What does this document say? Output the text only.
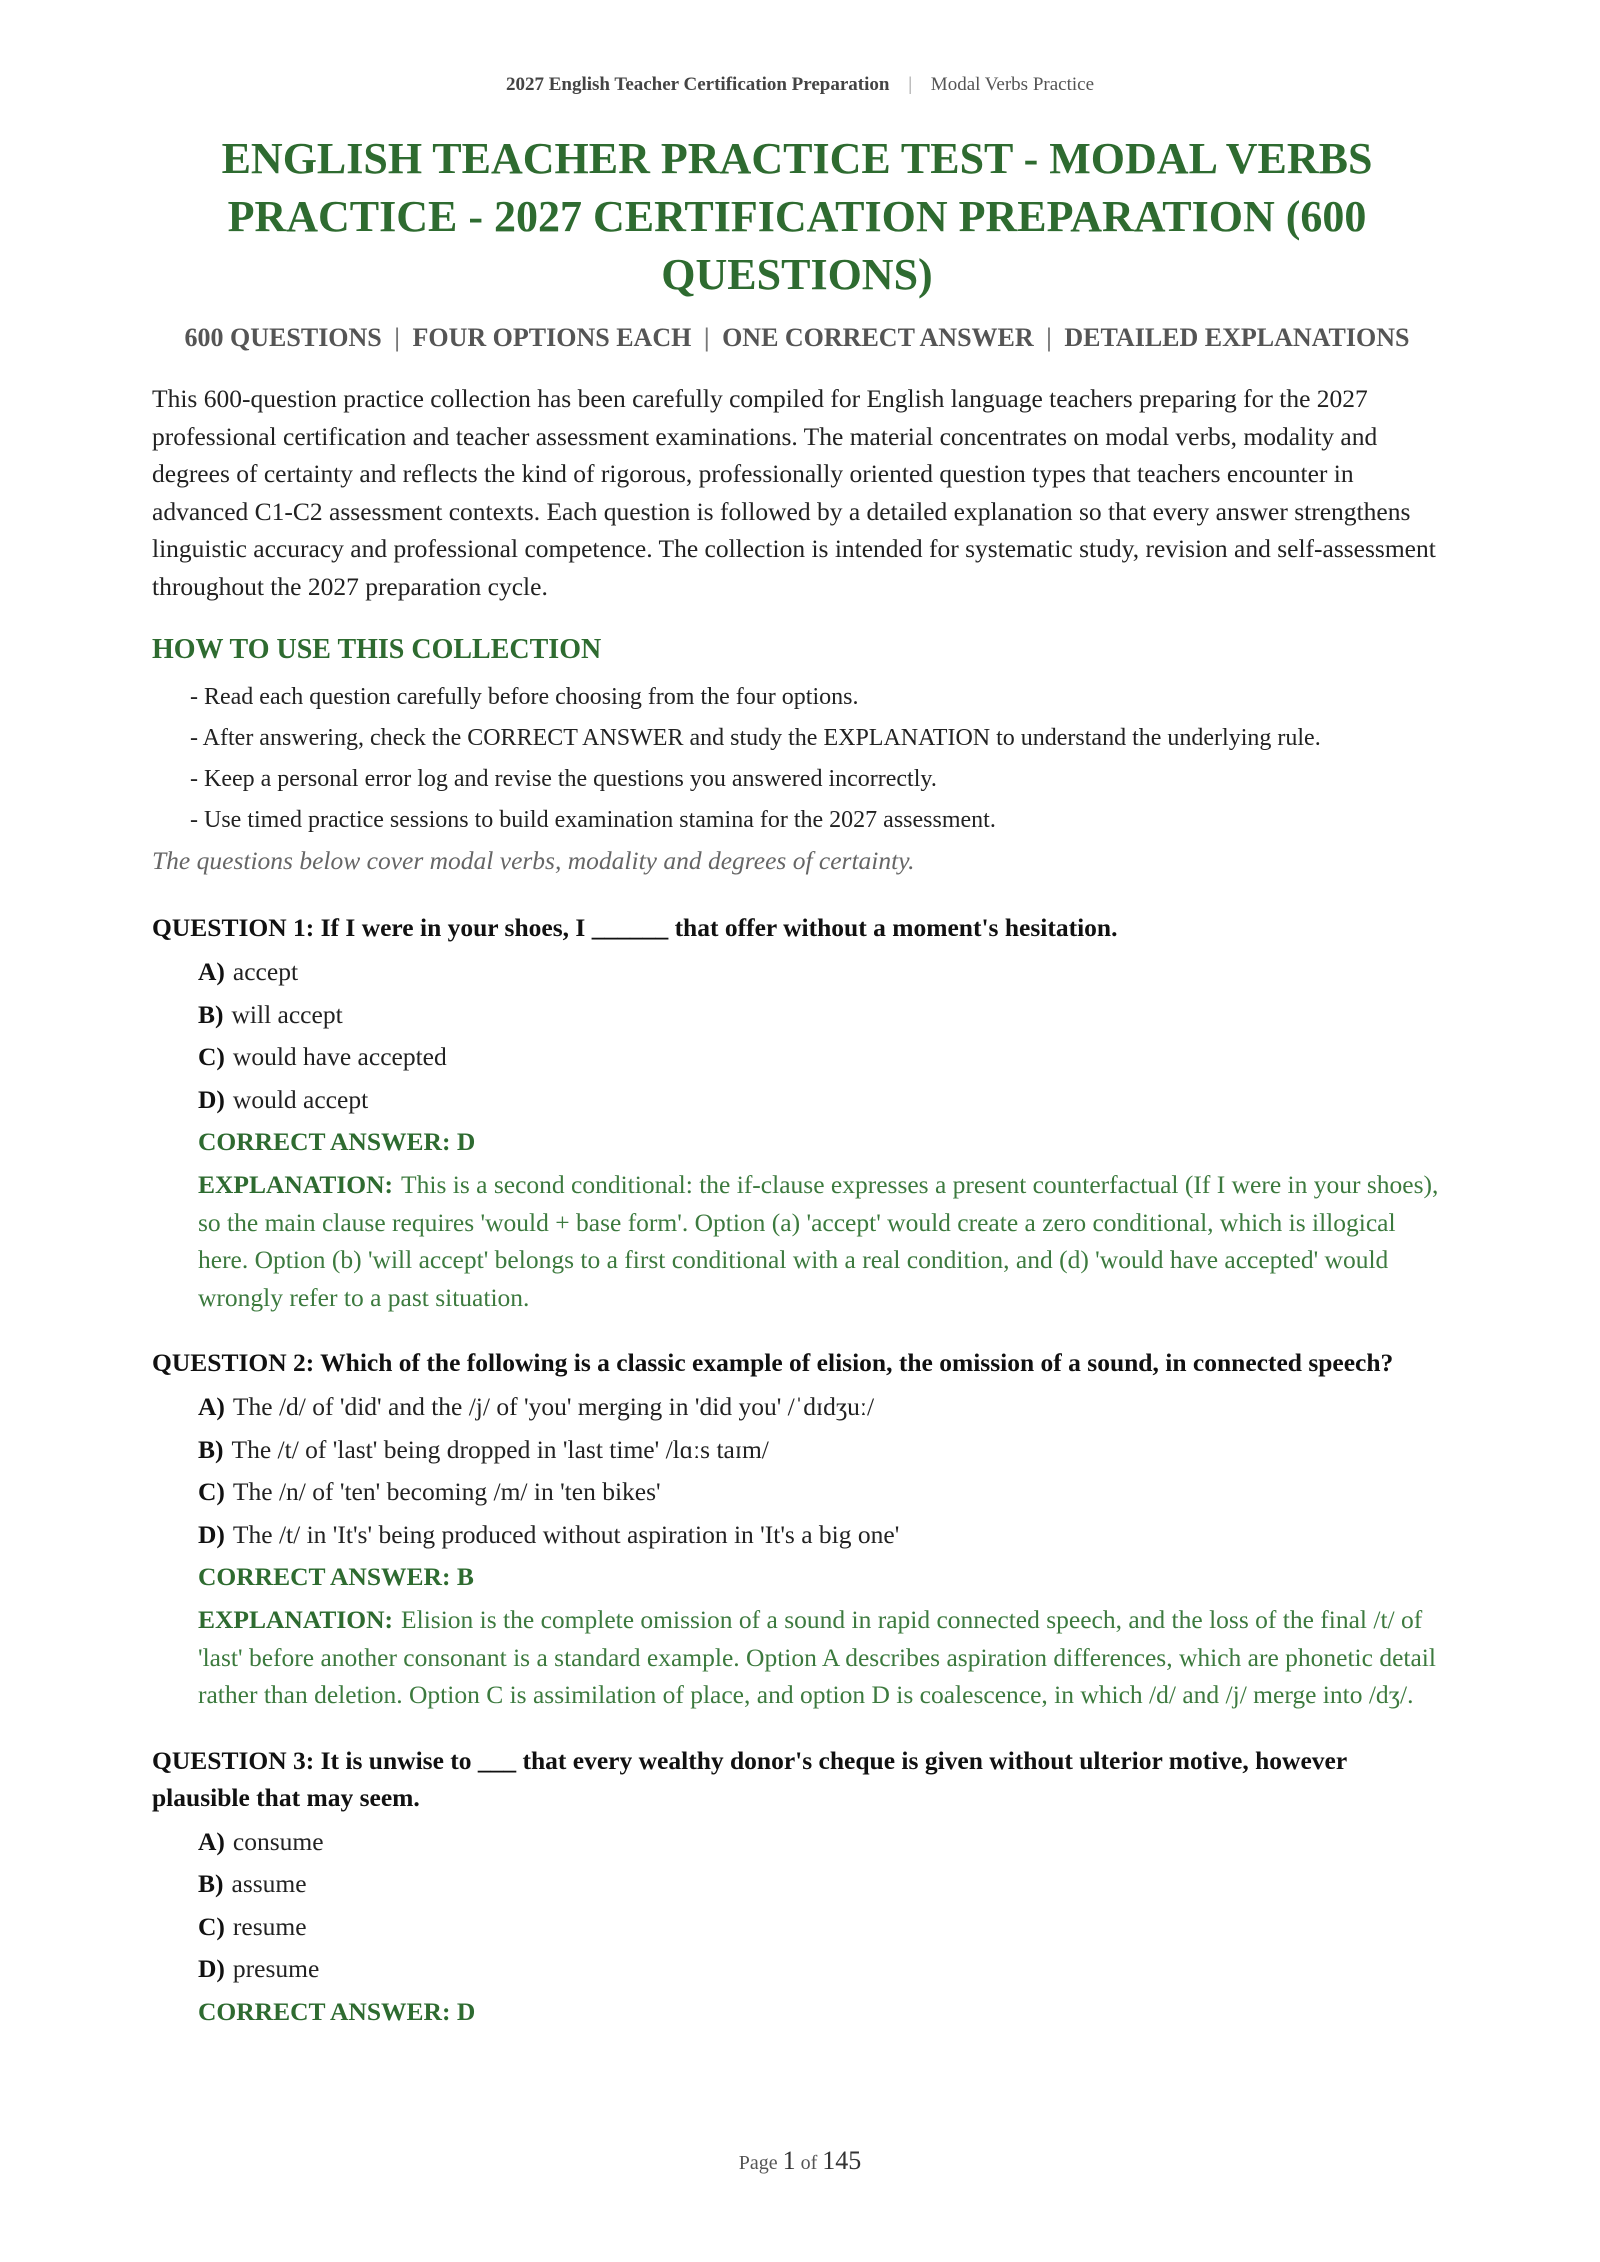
2027 English Teacher Certification Preparation | Modal Verbs Practice
ENGLISH TEACHER PRACTICE TEST - MODAL VERBS PRACTICE - 2027 CERTIFICATION PREPARATION (600 QUESTIONS)
600 QUESTIONS | FOUR OPTIONS EACH | ONE CORRECT ANSWER | DETAILED EXPLANATIONS

This 600-question practice collection has been carefully compiled for English language teachers preparing for the 2027 professional certification and teacher assessment examinations. The material concentrates on modal verbs, modality and degrees of certainty and reflects the kind of rigorous, professionally oriented question types that teachers encounter in advanced C1-C2 assessment contexts. Each question is followed by a detailed explanation so that every answer strengthens linguistic accuracy and professional competence. The collection is intended for systematic study, revision and self-assessment throughout the 2027 preparation cycle.

HOW TO USE THIS COLLECTION
- Read each question carefully before choosing from the four options.
- After answering, check the CORRECT ANSWER and study the EXPLANATION to understand the underlying rule.
- Keep a personal error log and revise the questions you answered incorrectly.
- Use timed practice sessions to build examination stamina for the 2027 assessment.
The questions below cover modal verbs, modality and degrees of certainty.
QUESTION 1: If I were in your shoes, I ______ that offer without a moment's hesitation.
A) accept
B) will accept
C) would have accepted
D) would accept
CORRECT ANSWER: D
EXPLANATION: This is a second conditional: the if-clause expresses a present counterfactual (If I were in your shoes), so the main clause requires 'would + base form'. Option (a) 'accept' would create a zero conditional, which is illogical here. Option (b) 'will accept' belongs to a first conditional with a real condition, and (d) 'would have accepted' would wrongly refer to a past situation.
QUESTION 2: Which of the following is a classic example of elision, the omission of a sound, in connected speech?
A) The /d/ of 'did' and the /j/ of 'you' merging in 'did you' /ˈdɪdʒuː/
B) The /t/ of 'last' being dropped in 'last time' /lɑːs taɪm/
C) The /n/ of 'ten' becoming /m/ in 'ten bikes'
D) The /t/ in 'It's' being produced without aspiration in 'It's a big one'
CORRECT ANSWER: B
EXPLANATION: Elision is the complete omission of a sound in rapid connected speech, and the loss of the final /t/ of 'last' before another consonant is a standard example. Option A describes aspiration differences, which are phonetic detail rather than deletion. Option C is assimilation of place, and option D is coalescence, in which /d/ and /j/ merge into /dʒ/.
QUESTION 3: It is unwise to ___ that every wealthy donor's cheque is given without ulterior motive, however plausible that may seem.
A) consume
B) assume
C) resume
D) presume
CORRECT ANSWER: D
Page 1 of 145
